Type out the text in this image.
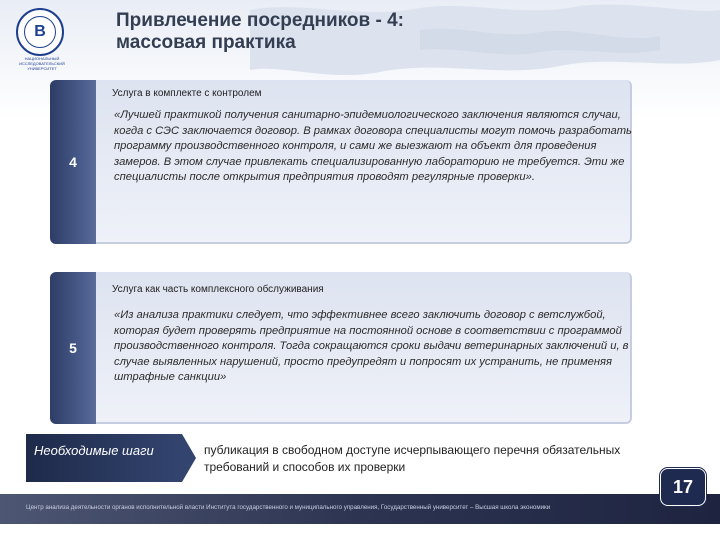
В
НАЦИОНАЛЬНЫЙ ИССЛЕДОВАТЕЛЬСКИЙ УНИВЕРСИТЕТ
Привлечение посредников - 4:
массовая практика
4
Услуга в комплекте с контролем
«Лучшей практикой получения санитарно-эпидемиологического заключения являются случаи, когда с СЭС заключается договор. В рамках договора специалисты могут помочь разработать программу производственного контроля, и сами же выезжают на объект для проведения замеров. В этом случае привлекать специализированную лабораторию не требуется. Эти же специалисты после открытия предприятия проводят регулярные проверки».
5
Услуга как часть комплексного обслуживания
«Из анализа практики следует, что эффективнее всего заключить договор с ветслужбой, которая будет проверять предприятие на постоянной основе в соответствии с программой производственного контроля. Тогда сокращаются сроки выдачи ветеринарных заключений и, в случае выявленных нарушений, просто предупредят и попросят их устранить, не применяя штрафные санкции»
Необходимые шаги	публикация в свободном доступе исчерпывающего перечня обязательных требований и способов их проверки
Центр анализа деятельности органов исполнительной власти Института государственного и муниципального управления, Государственный университет – Высшая школа экономики
17
